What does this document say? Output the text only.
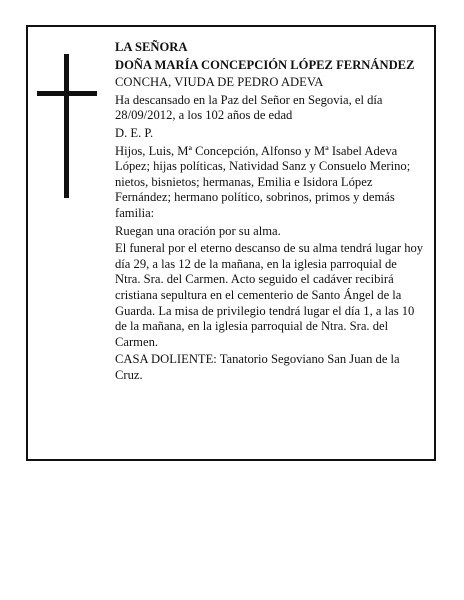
LA SEÑORA

DOÑA MARÍA CONCEPCIÓN LÓPEZ FERNÁNDEZ

CONCHA, VIUDA DE PEDRO ADEVA

Ha descansado en la Paz del Señor en Segovia, el día 28/09/2012, a los 102 años de edad

D. E. P.

Hijos, Luis, Mª Concepción, Alfonso y Mª Isabel Adeva López; hijas políticas, Natividad Sanz y Consuelo Merino; nietos, bisnietos; hermanas, Emilia e Isidora López Fernández; hermano político, sobrinos, primos y demás familia:

Ruegan una oración por su alma.

El funeral por el eterno descanso de su alma tendrá lugar hoy día 29, a las 12 de la mañana, en la iglesia parroquial de Ntra. Sra. del Carmen. Acto seguido el cadáver recibirá cristiana sepultura en el cementerio de Santo Ángel de la Guarda. La misa de privilegio tendrá lugar el día 1, a las 10 de la mañana, en la iglesia parroquial de Ntra. Sra. del Carmen.

CASA DOLIENTE: Tanatorio Segoviano San Juan de la Cruz.
